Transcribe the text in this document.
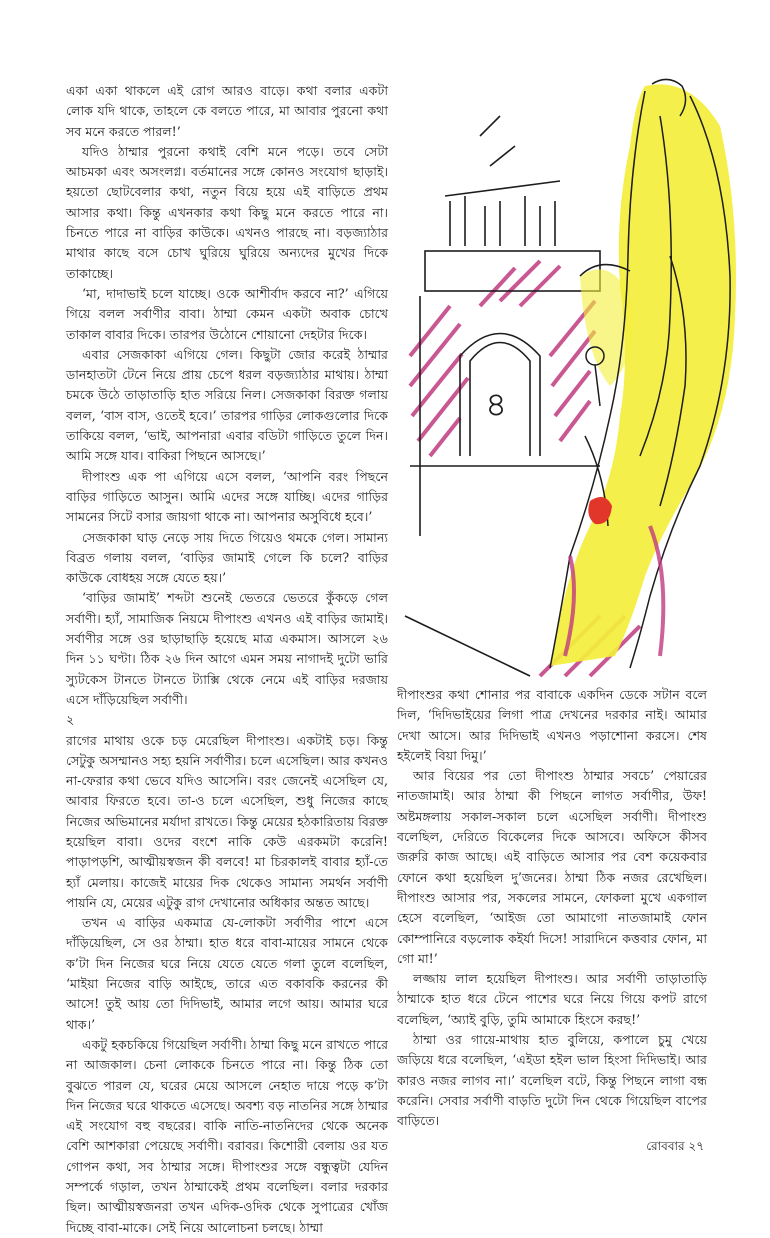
একা একা থাকলে এই রোগ আরও বাড়ে। কথা বলার একটা লোক যদি থাকে, তাহলে কে বলতে পারে, মা আবার পুরনো কথা সব মনে করতে পারল!’

যদিও ঠাম্মার পুরনো কথাই বেশি মনে পড়ে। তবে সেটা আচমকা এবং অসংলগ্ন। বর্তমানের সঙ্গে কোনও সংযোগ ছাড়াই। হয়তো ছোটবেলার কথা, নতুন বিয়ে হয়ে এই বাড়িতে প্রথম আসার কথা। কিন্তু এখনকার কথা কিছু মনে করতে পারে না। চিনতে পারে না বাড়ির কাউকে। এখনও পারছে না। বড়জ্যাঠার মাথার কাছে বসে চোখ ঘুরিয়ে ঘুরিয়ে অন্যদের মুখের দিকে তাকাচ্ছে।

‘মা, দাদাভাই চলে যাচ্ছে। ওকে আশীর্বাদ করবে না?’ এগিয়ে গিয়ে বলল সর্বাণীর বাবা। ঠাম্মা কেমন একটা অবাক চোখে তাকাল বাবার দিকে। তারপর উঠোনে শোয়ানো দেহটার দিকে।

এবার সেজকাকা এগিয়ে গেল। কিছুটা জোর করেই ঠাম্মার ডানহাতটা টেনে নিয়ে প্রায় চেপে ধরল বড়জ্যাঠার মাথায়। ঠাম্মা চমকে উঠে তাড়াতাড়ি হাত সরিয়ে নিল। সেজকাকা বিরক্ত গলায় বলল, ‘বাস বাস, ওতেই হবে।’ তারপর গাড়ির লোকগুলোর দিকে তাকিয়ে বলল, ‘ভাই, আপনারা এবার বডিটা গাড়িতে তুলে দিন। আমি সঙ্গে যাব। বাকিরা পিছনে আসছে।’

দীপাংশু এক পা এগিয়ে এসে বলল, ‘আপনি বরং পিছনে বাড়ির গাড়িতে আসুন। আমি এদের সঙ্গে যাচ্ছি। এদের গাড়ির সামনের সিটে বসার জায়গা থাকে না। আপনার অসুবিধে হবে।’

সেজকাকা ঘাড় নেড়ে সায় দিতে গিয়েও থমকে গেল। সামান্য বিব্রত গলায় বলল, ‘বাড়ির জামাই গেলে কি চলে? বাড়ির কাউকে বোধহয় সঙ্গে যেতে হয়।’

‘বাড়ির জামাই’ শব্দটা শুনেই ভেতরে ভেতরে কুঁকড়ে গেল সর্বাণী। হ্যাঁ, সামাজিক নিয়মে দীপাংশু এখনও এই বাড়ির জামাই। সর্বাণীর সঙ্গে ওর ছাড়াছাড়ি হয়েছে মাত্র একমাস। আসলে ২৬ দিন ১১ ঘণ্টা। ঠিক ২৬ দিন আগে এমন সময় নাগাদই দুটো ভারি স্যুটকেস টানতে টানতে ট্যাক্সি থেকে নেমে এই বাড়ির দরজায় এসে দাঁড়িয়েছিল সর্বাণী।

২

রাগের মাথায় ওকে চড় মেরেছিল দীপাংশু। একটাই চড়। কিন্তু সেটুকু অসম্মানও সহ্য হয়নি সর্বাণীর। চলে এসেছিল। আর কখনও না-ফেরার কথা ভেবে যদিও আসেনি। বরং জেনেই এসেছিল যে, আবার ফিরতে হবে। তা-ও চলে এসেছিল, শুধু নিজের কাছে নিজের অভিমানের মর্যাদা রাখতে। কিন্তু মেয়ের হঠকারিতায় বিরক্ত হয়েছিল বাবা। ওদের বংশে নাকি কেউ এরকমটা করেনি! পাড়াপড়শি, আত্মীয়স্বজন কী বলবে! মা চিরকালই বাবার হ্যাঁ-তে হ্যাঁ মেলায়। কাজেই মায়ের দিক থেকেও সামান্য সমর্থন সর্বাণী পায়নি যে, মেয়ের এটুকু রাগ দেখানোর অধিকার অন্তত আছে।

তখন এ বাড়ির একমাত্র যে-লোকটা সর্বাণীর পাশে এসে দাঁড়িয়েছিল, সে ওর ঠাম্মা। হাত ধরে বাবা-মায়ের সামনে থেকে ক’টা দিন নিজের ঘরে নিয়ে যেতে যেতে গলা তুলে বলেছিল, ‘মাইয়া নিজের বাড়ি আইছে, তারে এত বকাবকি করনের কী আসে! তুই আয় তো দিদিভাই, আমার লগে আয়। আমার ঘরে থাক।’

একটু হকচকিয়ে গিয়েছিল সর্বাণী। ঠাম্মা কিছু মনে রাখতে পারে না আজকাল। চেনা লোককে চিনতে পারে না। কিন্তু ঠিক তো বুঝতে পারল যে, ঘরের মেয়ে আসলে নেহাত দায়ে পড়ে ক’টা দিন নিজের ঘরে থাকতে এসেছে। অবশ্য বড় নাতনির সঙ্গে ঠাম্মার এই সংযোগ বহু বছরের। বাকি নাতি-নাতনিদের থেকে অনেক বেশি আশকারা পেয়েছে সর্বাণী। বরাবর। কিশোরী বেলায় ওর যত গোপন কথা, সব ঠাম্মার সঙ্গে। দীপাংশুর সঙ্গে বন্ধুত্বটা যেদিন সম্পর্কে গড়াল, তখন ঠাম্মাকেই প্রথম বলেছিল। বলার দরকার ছিল। আত্মীয়স্বজনরা তখন এদিক-ওদিক থেকে সুপাত্রের খোঁজ দিচ্ছে বাবা-মাকে। সেই নিয়ে আলোচনা চলছে। ঠাম্মা

৪

দীপাংশুর কথা শোনার পর বাবাকে একদিন ডেকে সটান বলে দিল, ‘দিদিভাইয়ের লিগা পাত্র দেখনের দরকার নাই। আমার দেখা আসে। আর দিদিভাই এখনও পড়াশোনা করসে। শেষ হইলেই বিয়া দিমু।’

আর বিয়ের পর তো দীপাংশু ঠাম্মার সবচে’ পেয়ারের নাতজামাই। আর ঠাম্মা কী পিছনে লাগত সর্বাণীর, উফ! অষ্টমঙ্গলায় সকাল-সকাল চলে এসেছিল সর্বাণী। দীপাংশু বলেছিল, দেরিতে বিকেলের দিকে আসবে। অফিসে কীসব জরুরি কাজ আছে। এই বাড়িতে আসার পর বেশ কয়েকবার ফোনে কথা হয়েছিল দু’জনের। ঠাম্মা ঠিক নজর রেখেছিল। দীপাংশু আসার পর, সকলের সামনে, ফোকলা মুখে একগাল হেসে বলেছিল, ‘আইজ তো আমাগো নাতজামাই ফোন কোম্পানিরে বড়লোক কইর্যা দিসে! সারাদিনে কত্তবার ফোন, মা গো মা!’

লজ্জায় লাল হয়েছিল দীপাংশু। আর সর্বাণী তাড়াতাড়ি ঠাম্মাকে হাত ধরে টেনে পাশের ঘরে নিয়ে গিয়ে কপট রাগে বলেছিল, ‘অ্যাই বুড়ি, তুমি আমাকে হিংসে করছ!’

ঠাম্মা ওর গায়ে-মাথায় হাত বুলিয়ে, কপালে চুমু খেয়ে জড়িয়ে ধরে বলেছিল, ‘এইডা হইল ভাল হিংসা দিদিভাই। আর কারও নজর লাগব না।’ বলেছিল বটে, কিন্তু পিছনে লাগা বন্ধ করেনি। সেবার সর্বাণী বাড়তি দুটো দিন থেকে গিয়েছিল বাপের বাড়িতে।

রোববার ২৭
